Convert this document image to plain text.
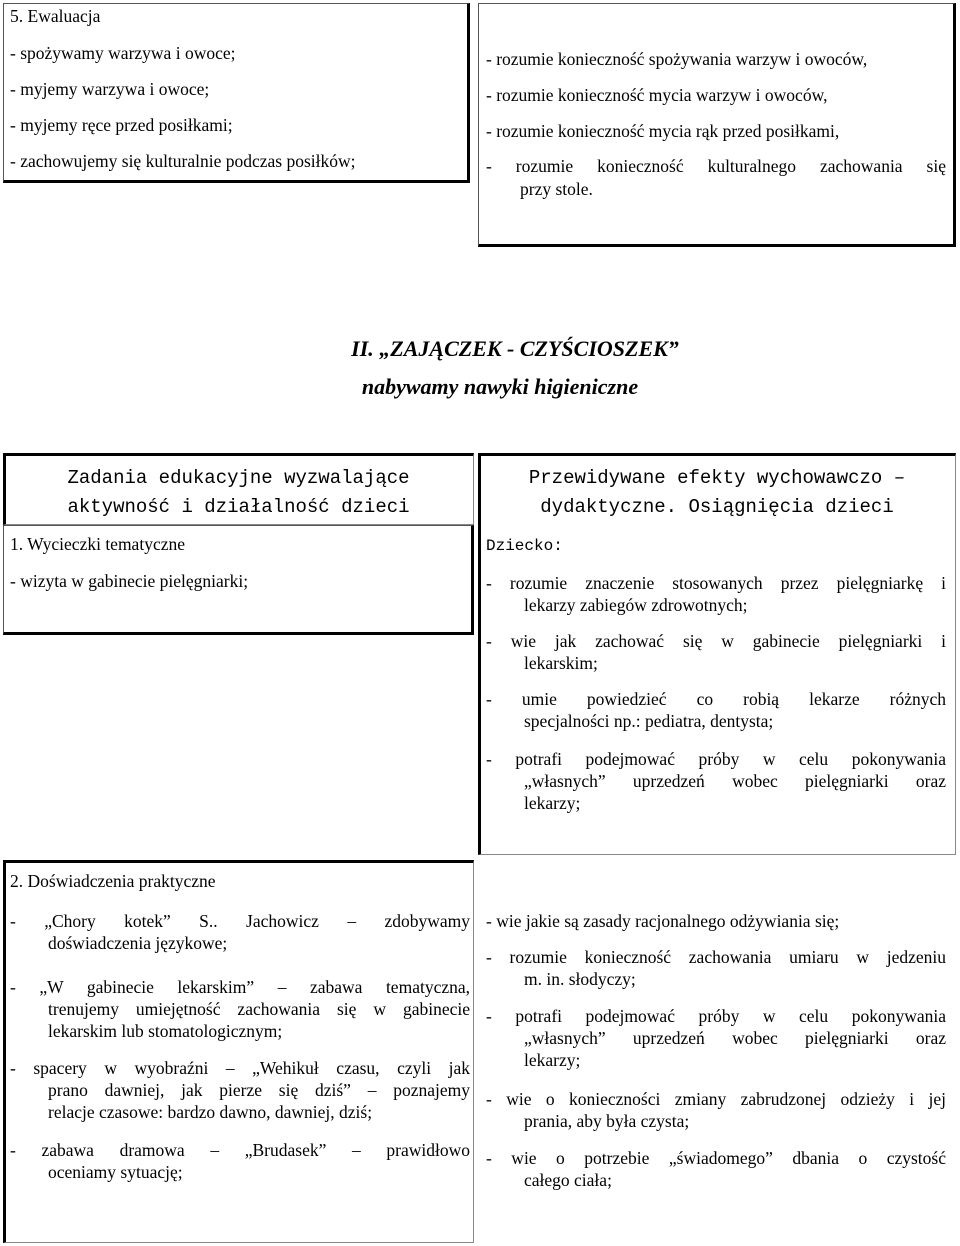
5. Ewaluacja
- spożywamy warzywa i owoce;
- myjemy warzywa i owoce;
- myjemy ręce przed posiłkami;
- zachowujemy się kulturalnie podczas posiłków;
- rozumie konieczność spożywania warzyw i owoców,
- rozumie konieczność mycia warzyw i owoców,
- rozumie konieczność mycia rąk przed posiłkami,
- rozumie konieczność kulturalnego zachowania się
przy stole.
II. „ZAJĄCZEK - CZYŚCIOSZEK”
nabywamy nawyki higieniczne
Zadania edukacyjne wyzwalające
aktywność i działalność dzieci
Przewidywane efekty wychowawczo –
dydaktyczne. Osiągnięcia dzieci
1. Wycieczki tematyczne
- wizyta w gabinecie pielęgniarki;
Dziecko:
- rozumie znaczenie stosowanych przez pielęgniarkę i
lekarzy zabiegów zdrowotnych;
- wie jak zachować się w gabinecie pielęgniarki i
lekarskim;
- umie powiedzieć co robią lekarze różnych
specjalności np.: pediatra, dentysta;
- potrafi podejmować próby w celu pokonywania
„własnych” uprzedzeń wobec pielęgniarki oraz
lekarzy;
2. Doświadczenia praktyczne
- „Chory kotek” S.. Jachowicz – zdobywamy
doświadczenia językowe;
- „W gabinecie lekarskim” – zabawa tematyczna,
trenujemy umiejętność zachowania się w gabinecie
lekarskim lub stomatologicznym;
- spacery w wyobraźni – „Wehikuł czasu, czyli jak
prano dawniej, jak pierze się dziś” – poznajemy
relacje czasowe: bardzo dawno, dawniej, dziś;
- zabawa dramowa – „Brudasek” – prawidłowo
oceniamy sytuację;
- wie jakie są zasady racjonalnego odżywiania się;
- rozumie konieczność zachowania umiaru w jedzeniu
m. in. słodyczy;
- potrafi podejmować próby w celu pokonywania
„własnych” uprzedzeń wobec pielęgniarki oraz
lekarzy;
- wie o konieczności zmiany zabrudzonej odzieży i jej
prania, aby była czysta;
- wie o potrzebie „świadomego” dbania o czystość
całego ciała;
